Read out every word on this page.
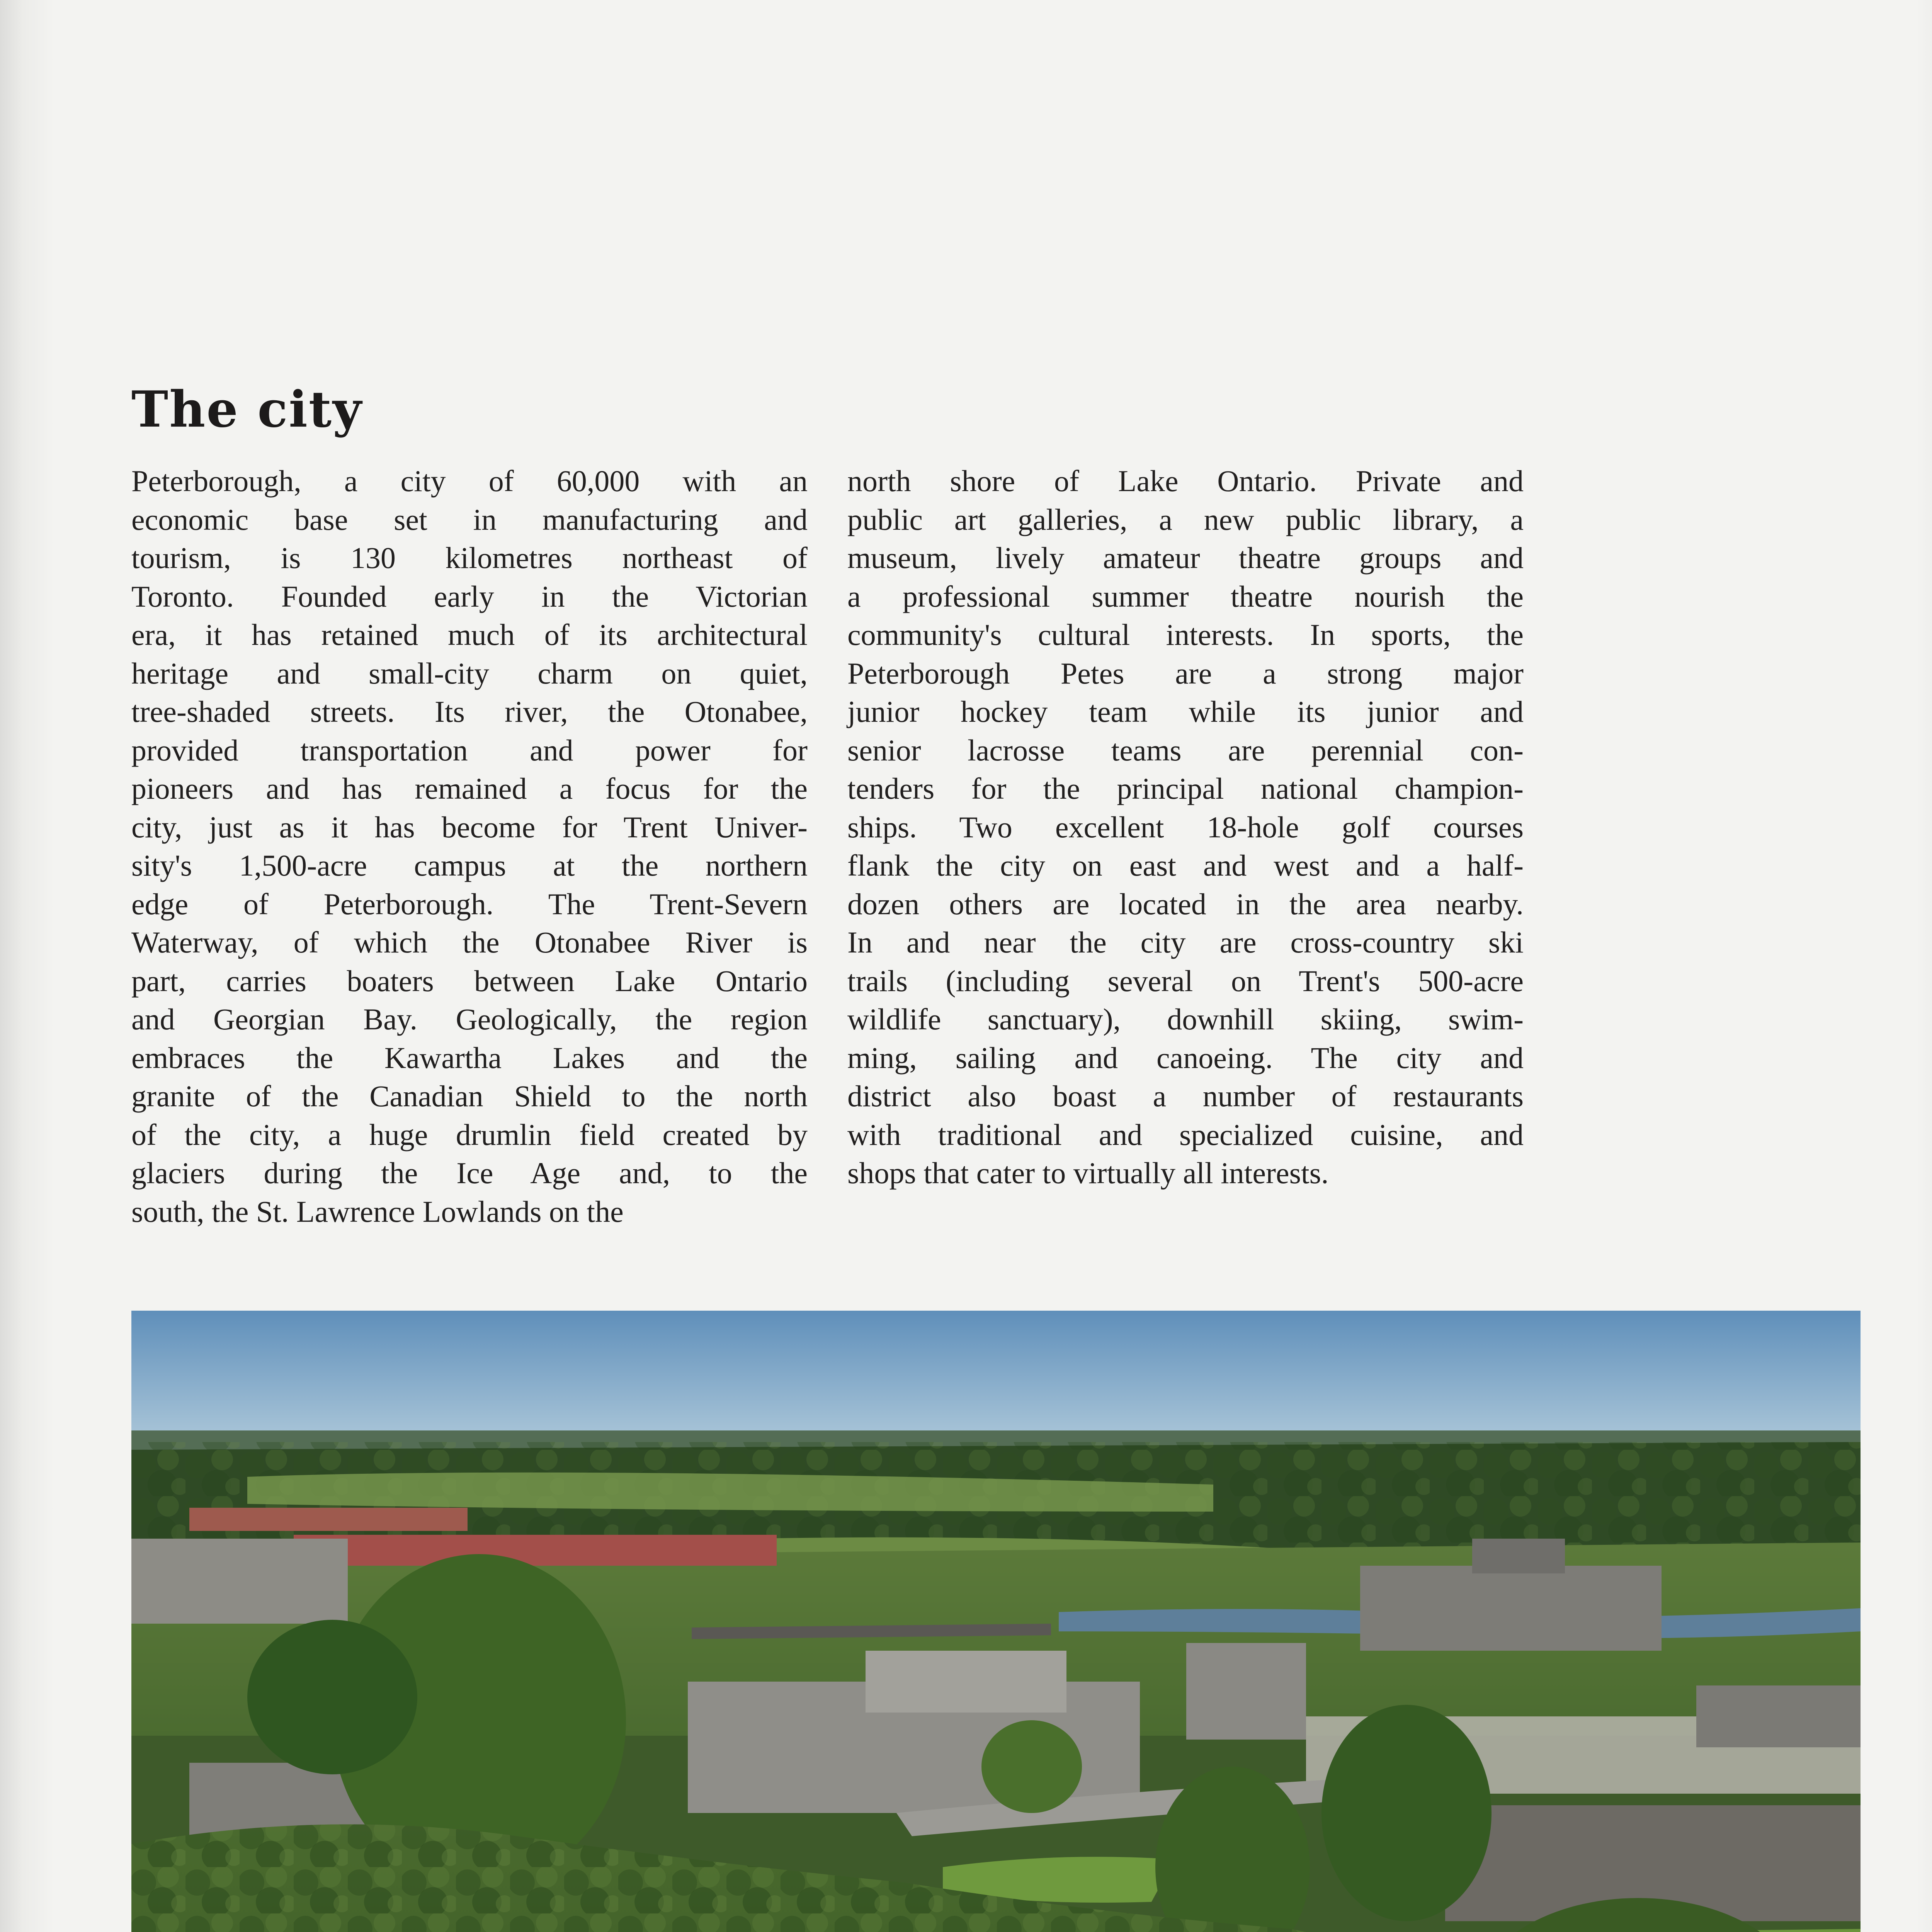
The city
Peterborough, a city of 60,000 with an
economic base set in manufacturing and
tourism, is 130 kilometres northeast of
Toronto. Founded early in the Victorian
era, it has retained much of its architectural
heritage and small-city charm on quiet,
tree-shaded streets. Its river, the Otonabee,
provided transportation and power for
pioneers and has remained a focus for the
city, just as it has become for Trent Univer-
sity's 1,500-acre campus at the northern
edge of Peterborough. The Trent-Severn
Waterway, of which the Otonabee River is
part, carries boaters between Lake Ontario
and Georgian Bay. Geologically, the region
embraces the Kawartha Lakes and the
granite of the Canadian Shield to the north
of the city, a huge drumlin field created by
glaciers during the Ice Age and, to the
south, the St. Lawrence Lowlands on the
north shore of Lake Ontario. Private and
public art galleries, a new public library, a
museum, lively amateur theatre groups and
a professional summer theatre nourish the
community's cultural interests. In sports, the
Peterborough Petes are a strong major
junior hockey team while its junior and
senior lacrosse teams are perennial con-
tenders for the principal national champion-
ships. Two excellent 18-hole golf courses
flank the city on east and west and a half-
dozen others are located in the area nearby.
In and near the city are cross-country ski
trails (including several on Trent's 500-acre
wildlife sanctuary), downhill skiing, swim-
ming, sailing and canoeing. The city and
district also boast a number of restaurants
with traditional and specialized cuisine, and
shops that cater to virtually all interests.
